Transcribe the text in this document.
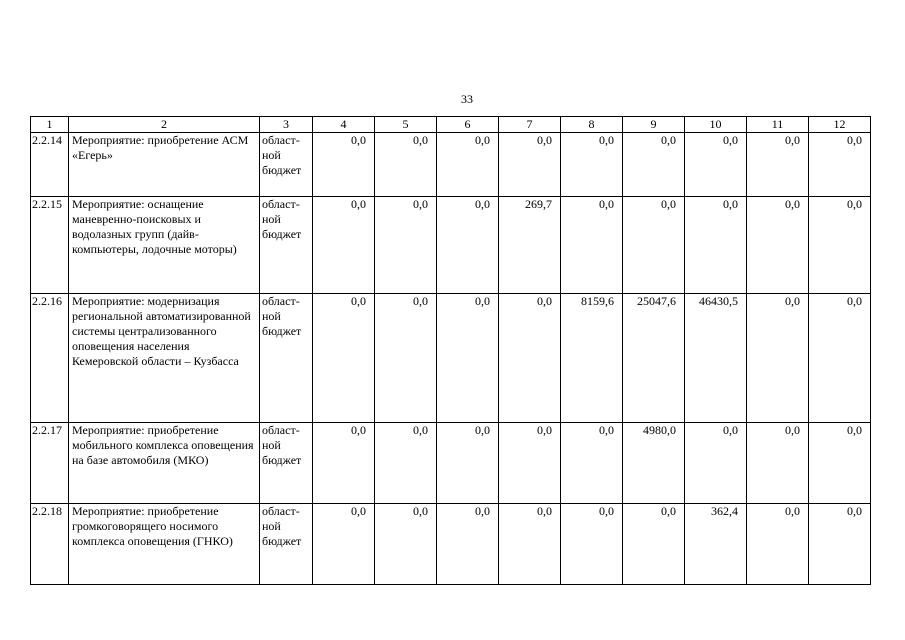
33
1	2	3	4	5	6	7	8	9	10	11	12
2.2.14	Мероприятие: приобретение АСМ «Егерь»	област-ной бюджет	0,0	0,0	0,0	0,0	0,0	0,0	0,0	0,0	0,0
2.2.15	Мероприятие: оснащение маневренно-поисковых и водолазных групп (дайв-компьютеры, лодочные моторы)	област-ной бюджет	0,0	0,0	0,0	269,7	0,0	0,0	0,0	0,0	0,0
2.2.16	Мероприятие: модернизация региональной автоматизированной системы централизованного оповещения населения Кемеровской области – Кузбасса	област-ной бюджет	0,0	0,0	0,0	0,0	8159,6	25047,6	46430,5	0,0	0,0
2.2.17	Мероприятие: приобретение мобильного комплекса оповещения на базе автомобиля (МКО)	област-ной бюджет	0,0	0,0	0,0	0,0	0,0	4980,0	0,0	0,0	0,0
2.2.18	Мероприятие: приобретение громкоговорящего носимого комплекса оповещения (ГНКО)	област-ной бюджет	0,0	0,0	0,0	0,0	0,0	0,0	362,4	0,0	0,0
